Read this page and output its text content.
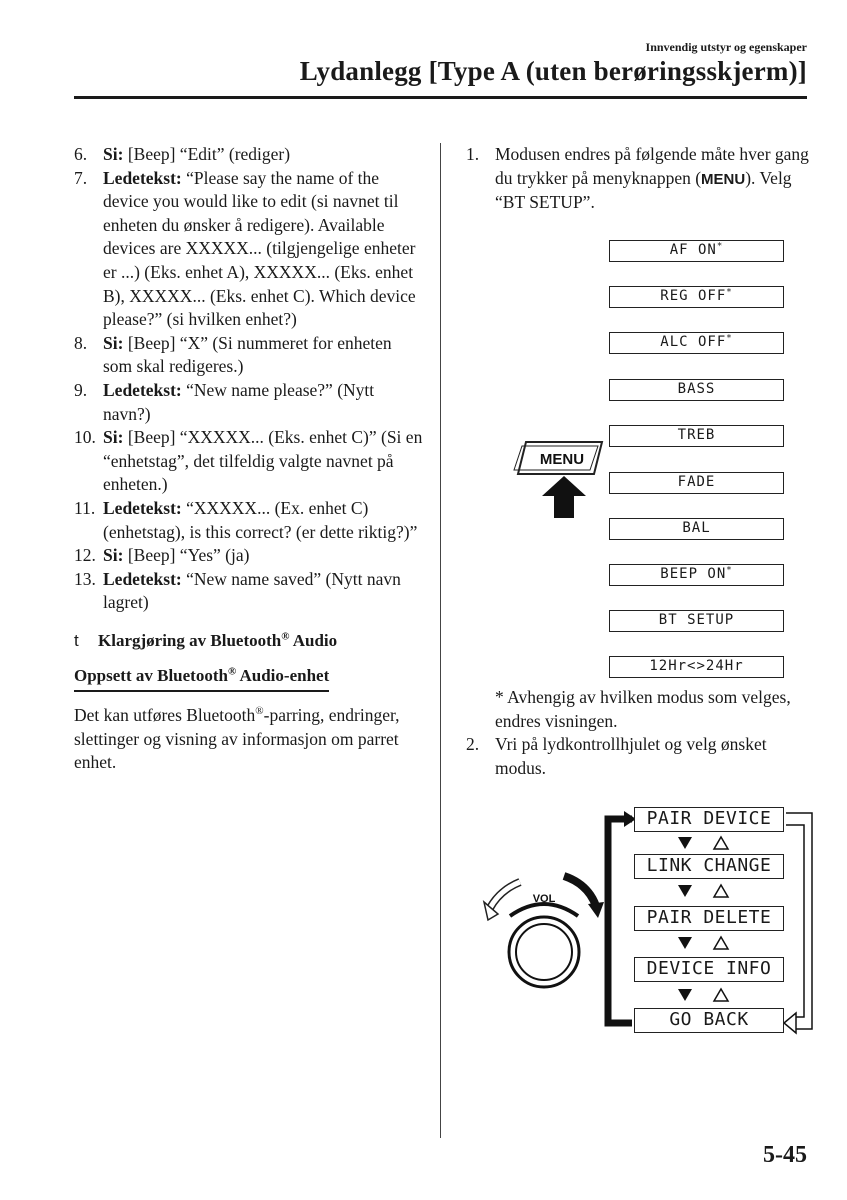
Innvendig utstyr og egenskaper
Lydanlegg [Type A (uten berøringsskjerm)]
6. Si: [Beep] “Edit” (rediger)
7. Ledetekst: “Please say the name of the device you would like to edit (si navnet til enheten du ønsker å redigere). Available devices are XXXXX... (tilgjengelige enheter er ...) (Eks. enhet A), XXXXX... (Eks. enhet B), XXXXX... (Eks. enhet C). Which device please?” (si hvilken enhet?)
8. Si: [Beep] “X” (Si nummeret for enheten som skal redigeres.)
9. Ledetekst: “New name please?” (Nytt navn?)
10. Si: [Beep] “XXXXX... (Eks. enhet C)” (Si en “enhetstag”, det tilfeldig valgte navnet på enheten.)
11. Ledetekst: “XXXXX... (Ex. enhet C) (enhetstag), is this correct? (er dette riktig?)”
12. Si: [Beep] “Yes” (ja)
13. Ledetekst: “New name saved” (Nytt navn lagret)
t	Klargjøring av Bluetooth® Audio
Oppsett av Bluetooth® Audio-enhet
Det kan utføres Bluetooth®-parring, endringer, slettinger og visning av informasjon om parret enhet.
1. Modusen endres på følgende måte hver gang du trykker på menyknappen (MENU). Velg “BT SETUP”.
AF ON*
REG OFF*
ALC OFF*
BASS
TREB
FADE
BAL
BEEP ON*
BT SETUP
12Hr<>24Hr
MENU
* Avhengig av hvilken modus som velges, endres visningen.
2. Vri på lydkontrollhjulet og velg ønsket modus.
VOL
PAIR DEVICE
LINK CHANGE
PAIR DELETE
DEVICE INFO
GO BACK
5-45
